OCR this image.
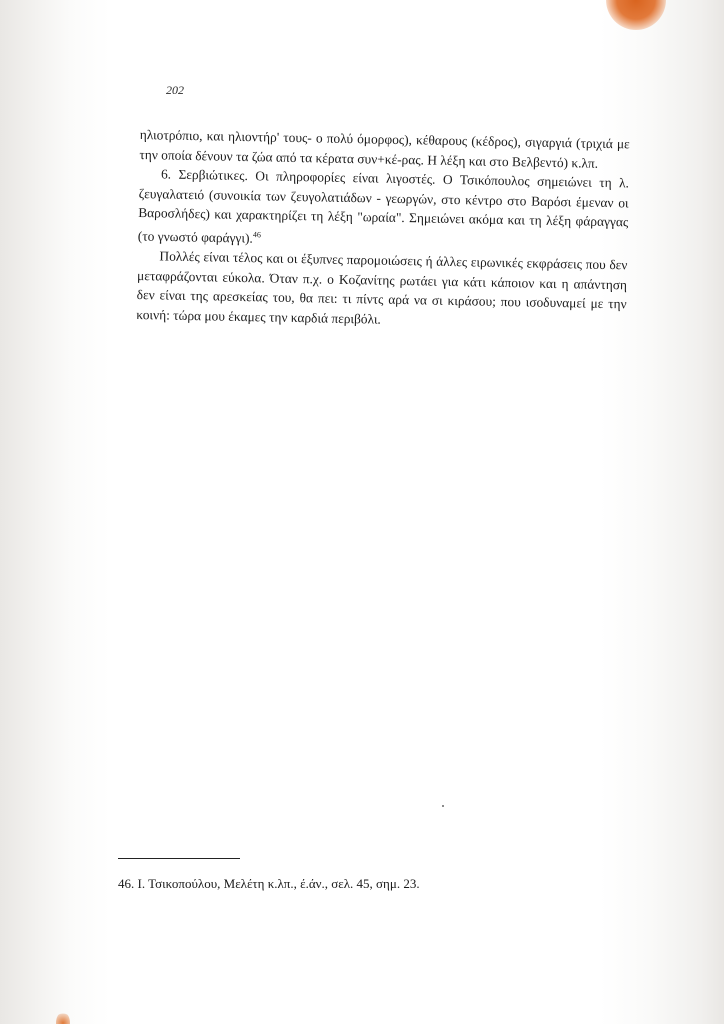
202

ηλιοτρόπιο, και ηλιοντήρ' τους- ο πολύ όμορφος), κέθαρους (κέδρος), σιγαργιά (τριχιά με την οποία δένουν τα ζώα από τα κέρατα συν+κέ-ρας. Η λέξη και στο Βελβεντό) κ.λπ.

6. Σερβιώτικες. Οι πληροφορίες είναι λιγοστές. Ο Τσικόπουλος σημειώνει τη λ. ζευγαλατειό (συνοικία των ζευγολατιάδων - γεωργών, στο κέντρο στο Βαρόσι έμεναν οι Βαροσλήδες) και χαρακτηρίζει τη λέξη "ωραία". Σημειώνει ακόμα και τη λέξη φάραγγας (το γνωστό φαράγγι).$^{46}$

Πολλές είναι τέλος και οι έξυπνες παρομοιώσεις ή άλλες ειρωνικές εκφράσεις που δεν μεταφράζονται εύκολα. Όταν π.χ. ο Κοζανίτης ρωτάει για κάτι κάποιον και η απάντηση δεν είναι της αρεσκείας του, θα πει: τι πίντς αρά να σι κιράσου; που ισοδυναμεί με την κοινή: τώρα μου έκαμες την καρδιά περιβόλι.

46. Ι. Τσικοπούλου, Μελέτη κ.λπ., έ.άν., σελ. 45, σημ. 23.
